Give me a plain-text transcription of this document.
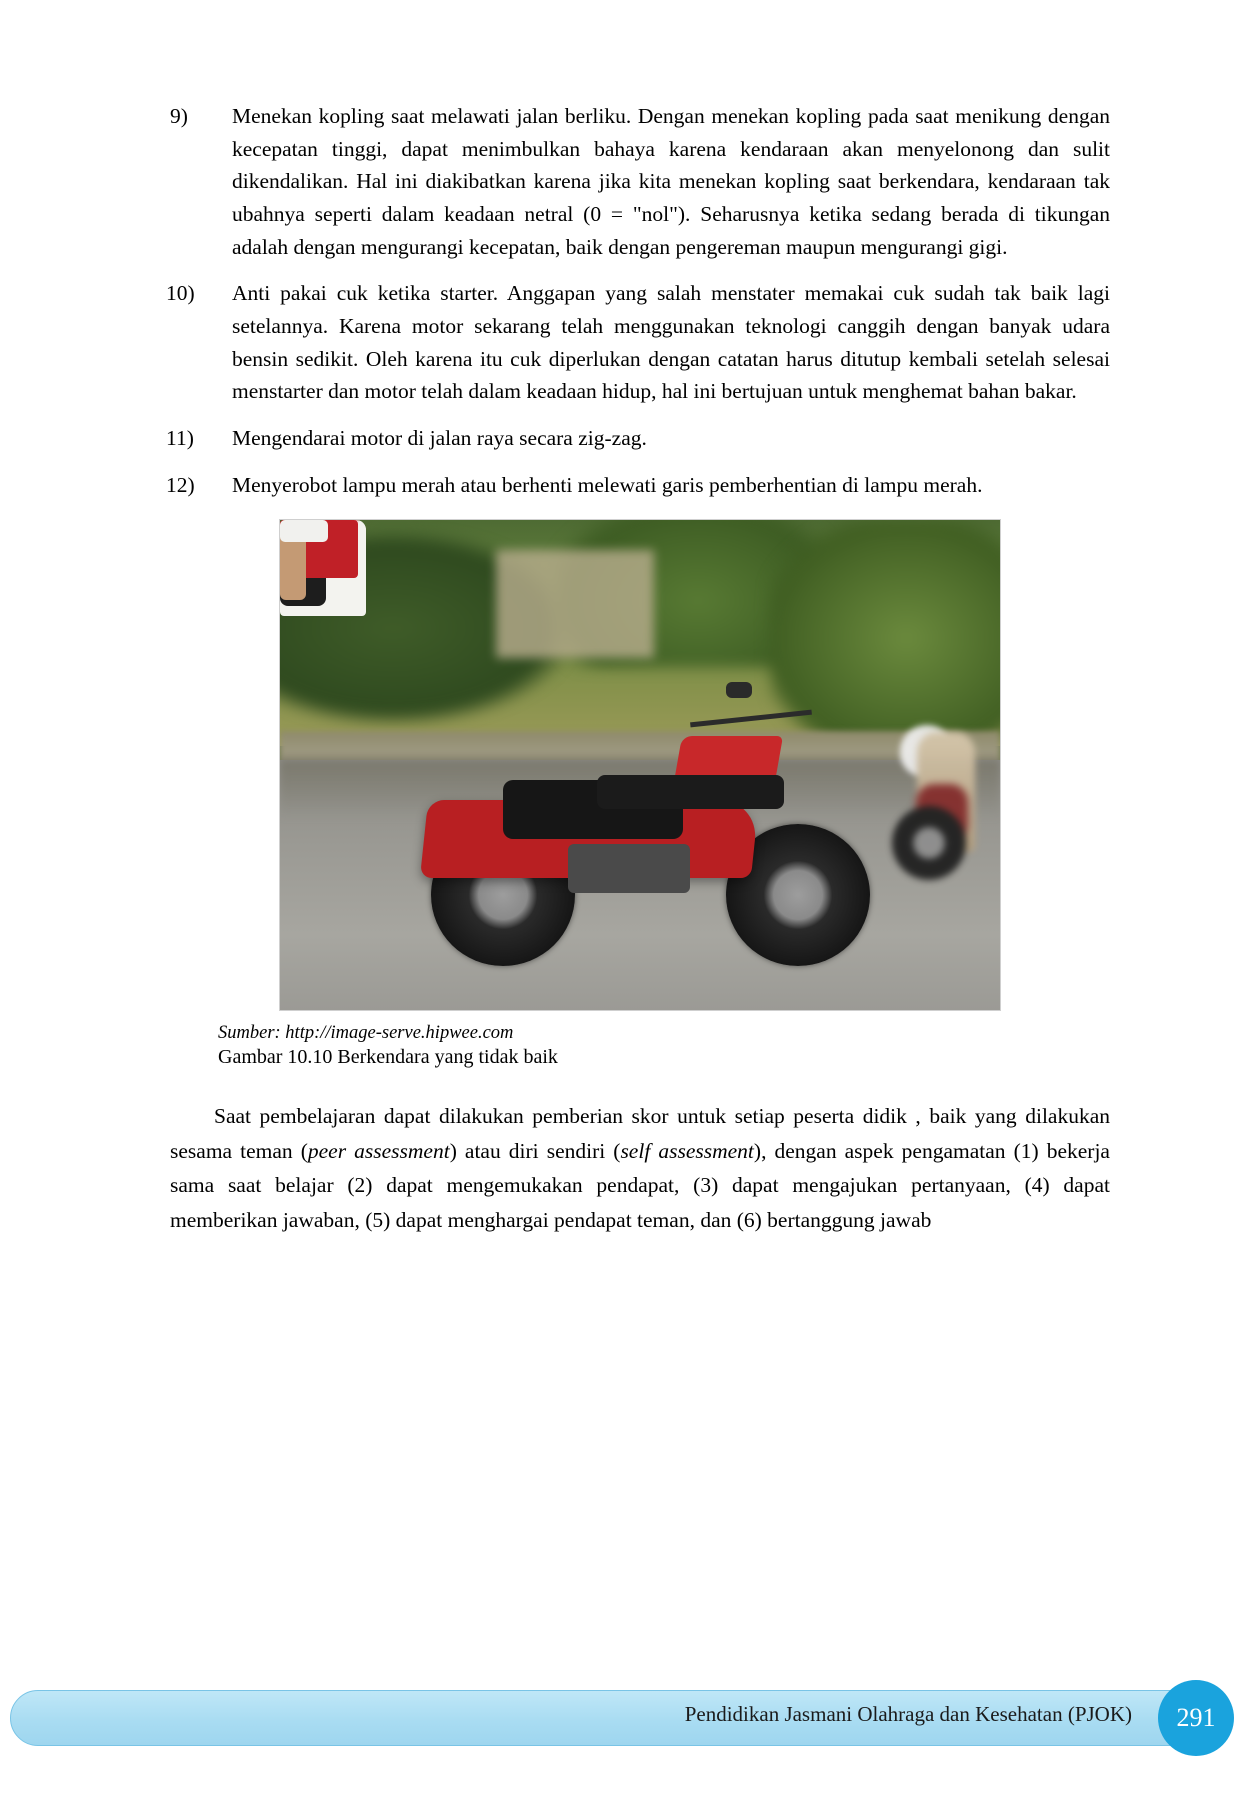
9)	Menekan kopling saat melawati jalan berliku. Dengan menekan kopling pada saat menikung dengan kecepatan tinggi, dapat menimbulkan bahaya karena kendaraan akan menyelonong dan sulit dikendalikan. Hal ini diakibatkan karena jika kita menekan kopling saat berkendara, kendaraan tak ubahnya seperti dalam keadaan netral (0 = "nol"). Seharusnya ketika sedang berada di tikungan adalah dengan mengurangi kecepatan, baik dengan pengereman maupun mengurangi gigi.
10)	Anti pakai cuk ketika starter. Anggapan yang salah menstater memakai cuk sudah tak baik lagi setelannya. Karena motor sekarang telah menggunakan teknologi canggih dengan banyak udara bensin sedikit. Oleh karena itu cuk diperlukan dengan catatan harus ditutup kembali setelah selesai menstarter dan motor telah dalam keadaan hidup, hal ini bertujuan untuk menghemat bahan bakar.
11)	Mengendarai motor di jalan raya secara zig-zag.
12)	Menyerobot lampu merah atau berhenti melewati garis pemberhentian di lampu merah.
Sumber: http://image-serve.hipwee.com
Gambar 10.10 Berkendara yang tidak baik

Saat pembelajaran dapat dilakukan pemberian skor untuk setiap peserta didik , baik yang dilakukan sesama teman (peer assessment) atau diri sendiri (self assessment), dengan aspek pengamatan (1) bekerja sama saat belajar (2) dapat mengemukakan pendapat, (3) dapat mengajukan pertanyaan, (4) dapat memberikan jawaban, (5) dapat menghargai pendapat teman, dan (6) bertanggung jawab

Pendidikan Jasmani Olahraga dan Kesehatan (PJOK)	291
